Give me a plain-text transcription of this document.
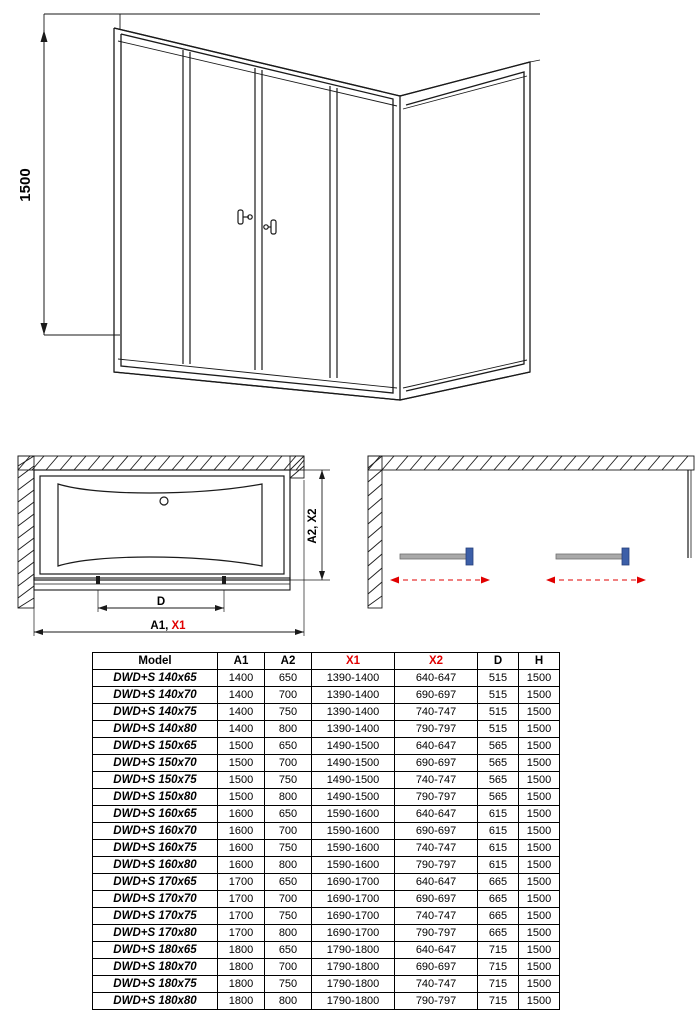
1500
A2, X2
D
A1, X1
Model	A1	A2	X1	X2	D	H
DWD+S 140x65	1400	650	1390-1400	640-647	515	1500
DWD+S 140x70	1400	700	1390-1400	690-697	515	1500
DWD+S 140x75	1400	750	1390-1400	740-747	515	1500
DWD+S 140x80	1400	800	1390-1400	790-797	515	1500
DWD+S 150x65	1500	650	1490-1500	640-647	565	1500
DWD+S 150x70	1500	700	1490-1500	690-697	565	1500
DWD+S 150x75	1500	750	1490-1500	740-747	565	1500
DWD+S 150x80	1500	800	1490-1500	790-797	565	1500
DWD+S 160x65	1600	650	1590-1600	640-647	615	1500
DWD+S 160x70	1600	700	1590-1600	690-697	615	1500
DWD+S 160x75	1600	750	1590-1600	740-747	615	1500
DWD+S 160x80	1600	800	1590-1600	790-797	615	1500
DWD+S 170x65	1700	650	1690-1700	640-647	665	1500
DWD+S 170x70	1700	700	1690-1700	690-697	665	1500
DWD+S 170x75	1700	750	1690-1700	740-747	665	1500
DWD+S 170x80	1700	800	1690-1700	790-797	665	1500
DWD+S 180x65	1800	650	1790-1800	640-647	715	1500
DWD+S 180x70	1800	700	1790-1800	690-697	715	1500
DWD+S 180x75	1800	750	1790-1800	740-747	715	1500
DWD+S 180x80	1800	800	1790-1800	790-797	715	1500
